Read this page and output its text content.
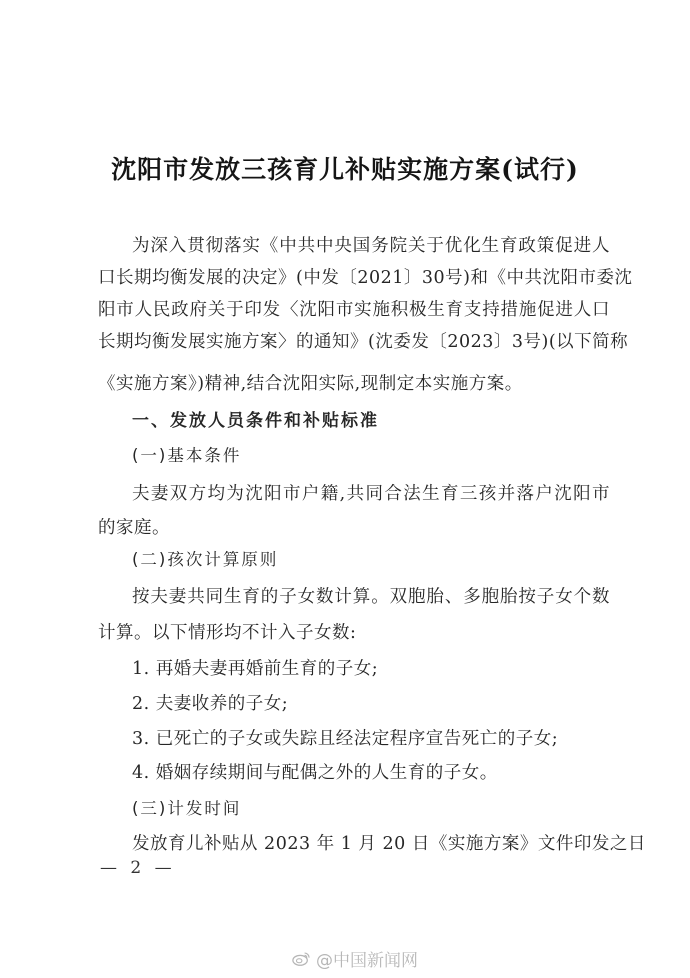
沈阳市发放三孩育儿补贴实施方案(试行)
为深入贯彻落实《中共中央国务院关于优化生育政策促进人
口长期均衡发展的决定》(中发〔2021〕30号)和《中共沈阳市委沈
阳市人民政府关于印发〈沈阳市实施积极生育支持措施促进人口
长期均衡发展实施方案〉的通知》(沈委发〔2023〕3号)(以下简称
《实施方案》)精神,结合沈阳实际,现制定本实施方案。
一、发放人员条件和补贴标准
(一)基本条件
夫妻双方均为沈阳市户籍,共同合法生育三孩并落户沈阳市
的家庭。
(二)孩次计算原则
按夫妻共同生育的子女数计算。双胞胎、多胞胎按子女个数
计算。以下情形均不计入子女数:
1. 再婚夫妻再婚前生育的子女;
2. 夫妻收养的子女;
3. 已死亡的子女或失踪且经法定程序宣告死亡的子女;
4. 婚姻存续期间与配偶之外的人生育的子女。
(三)计发时间
发放育儿补贴从 2023 年 1 月 20 日《实施方案》文件印发之日
— 2 —
@中国新闻网
